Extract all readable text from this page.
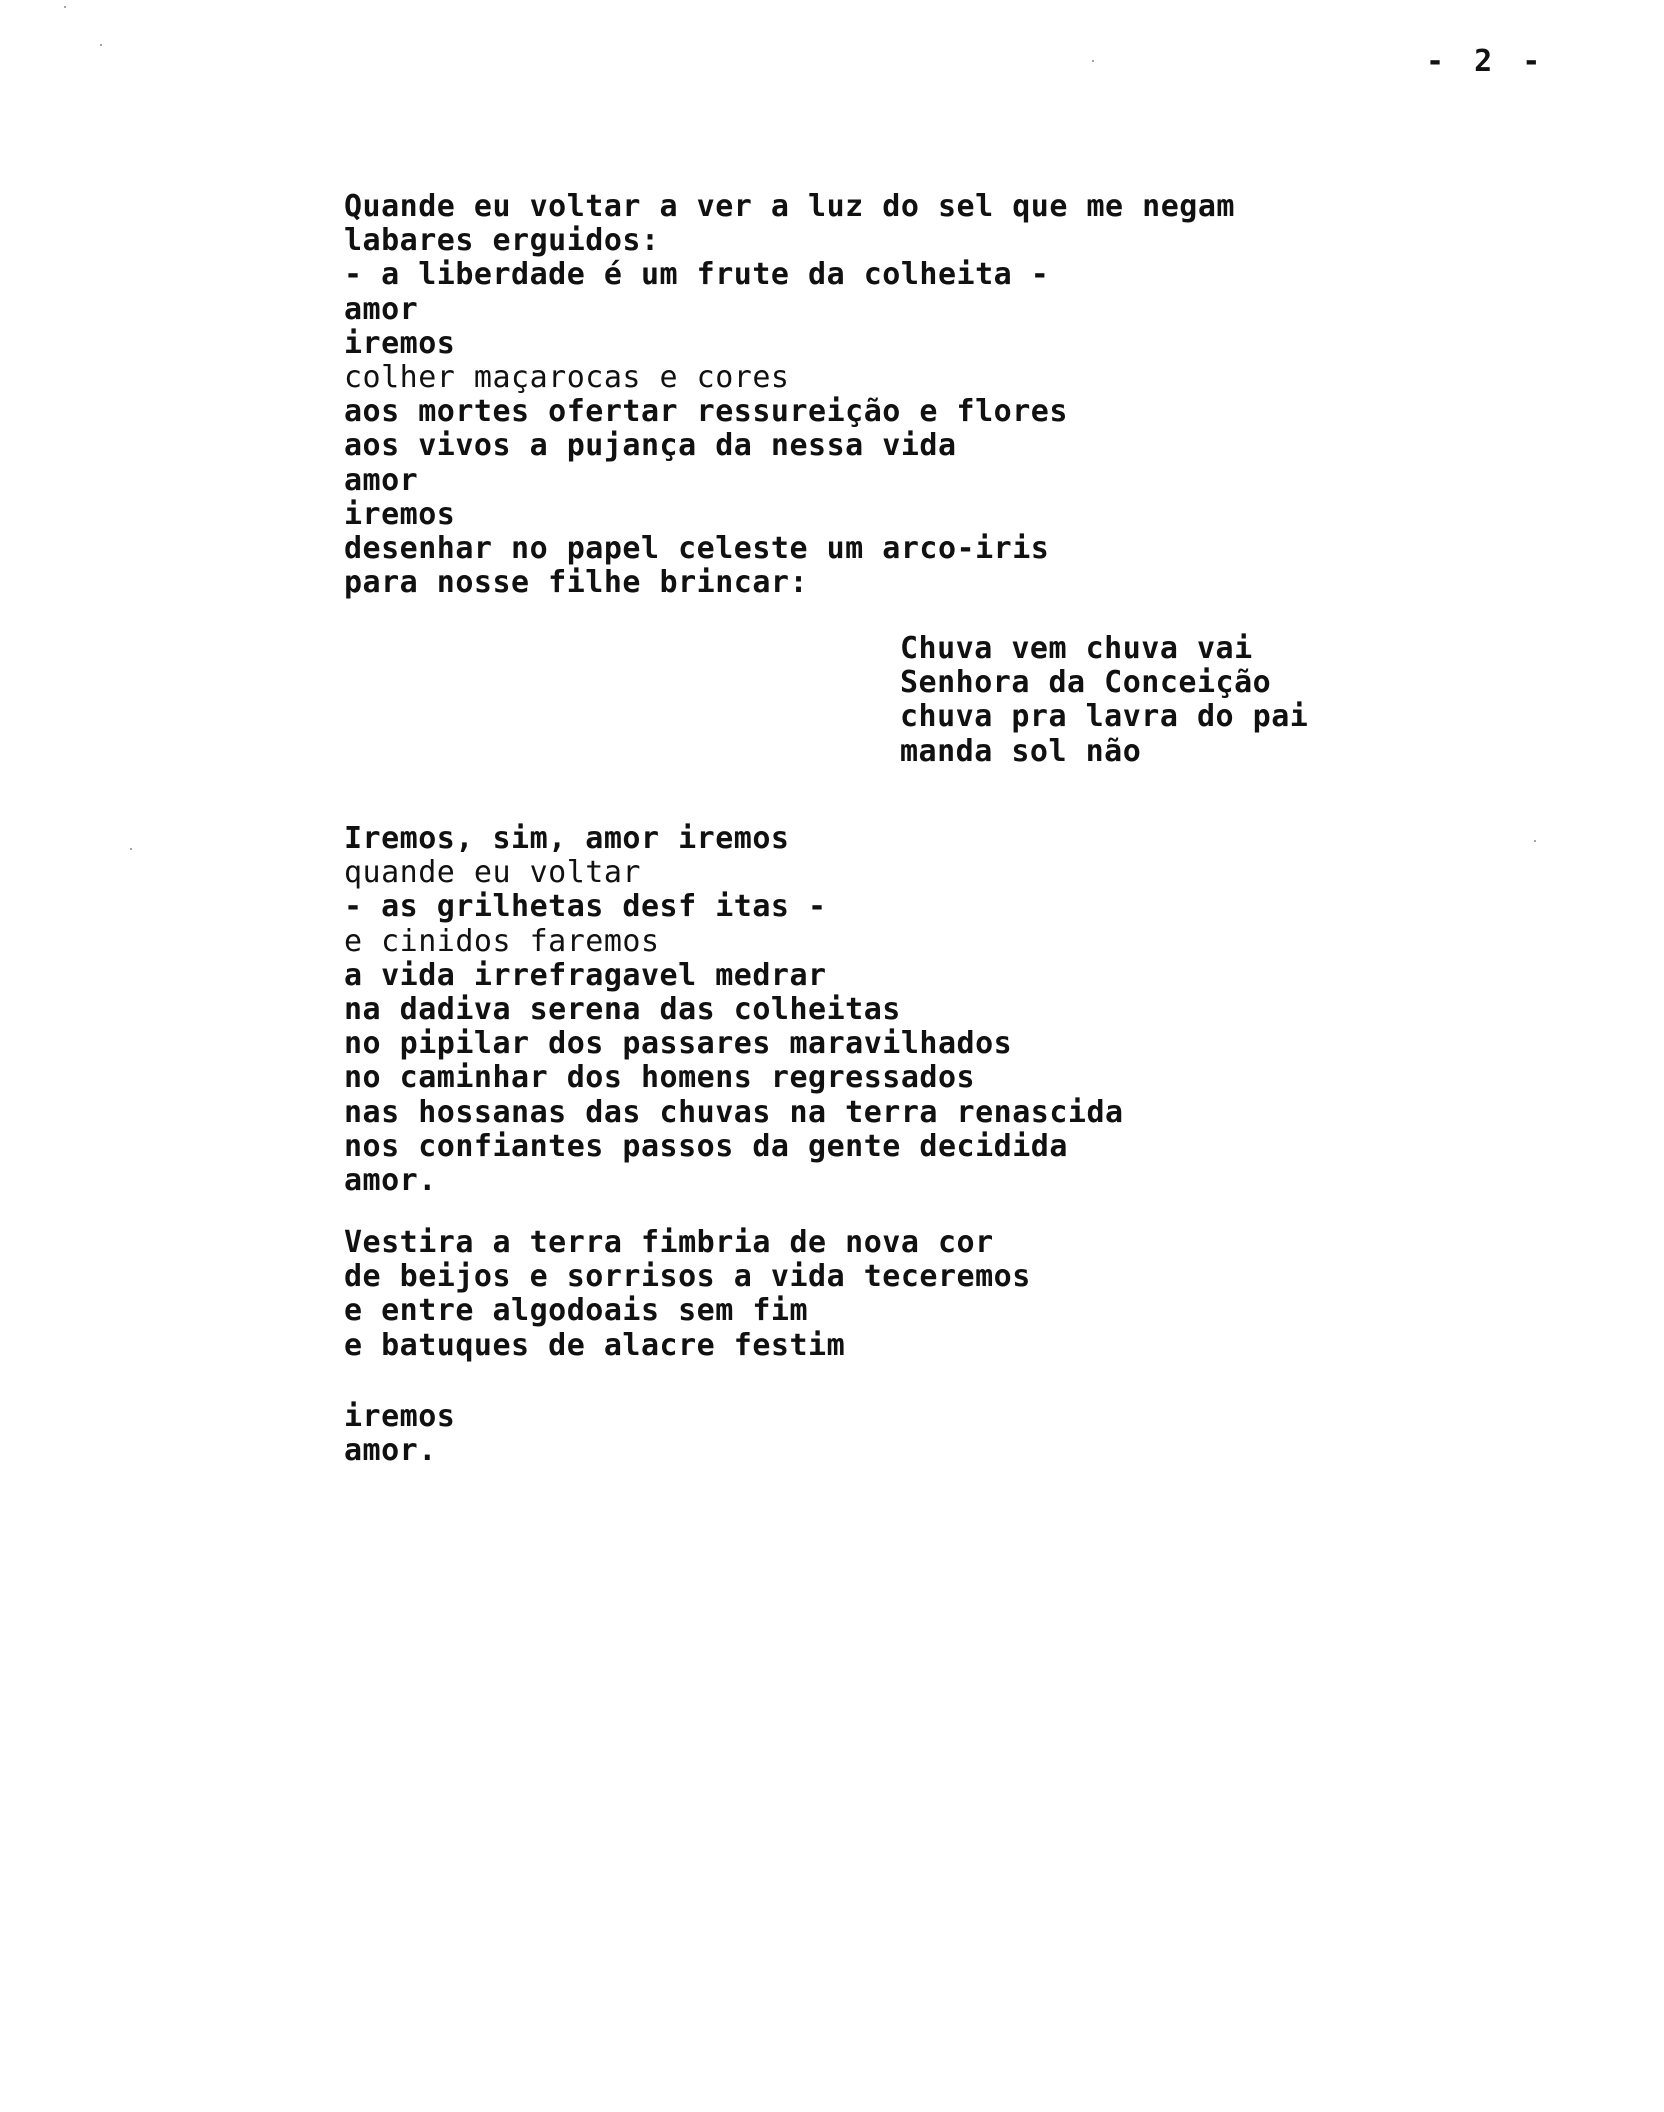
- 2 -
Quande eu voltar a ver a luz do sel que me negam
labares erguidos:
- a liberdade é um frute da colheita -
amor
iremos
colher maçarocas e cores
aos mortes ofertar ressureição e flores
aos vivos a pujança da nessa vida
amor
iremos
desenhar no papel celeste um arco-iris
para nosse filhe brincar:
Chuva vem chuva vai
Senhora da Conceição
chuva pra lavra do pai
manda sol não
Iremos, sim, amor iremos
quande eu voltar
- as grilhetas desf itas -
e cinidos faremos
a vida irrefragavel medrar
na dadiva serena das colheitas
no pipilar dos passares maravilhados
no caminhar dos homens regressados
nas hossanas das chuvas na terra renascida
nos confiantes passos da gente decidida
amor.
Vestira a terra fimbria de nova cor
de beijos e sorrisos a vida teceremos
e entre algodoais sem fim
e batuques de alacre festim
iremos
amor.
